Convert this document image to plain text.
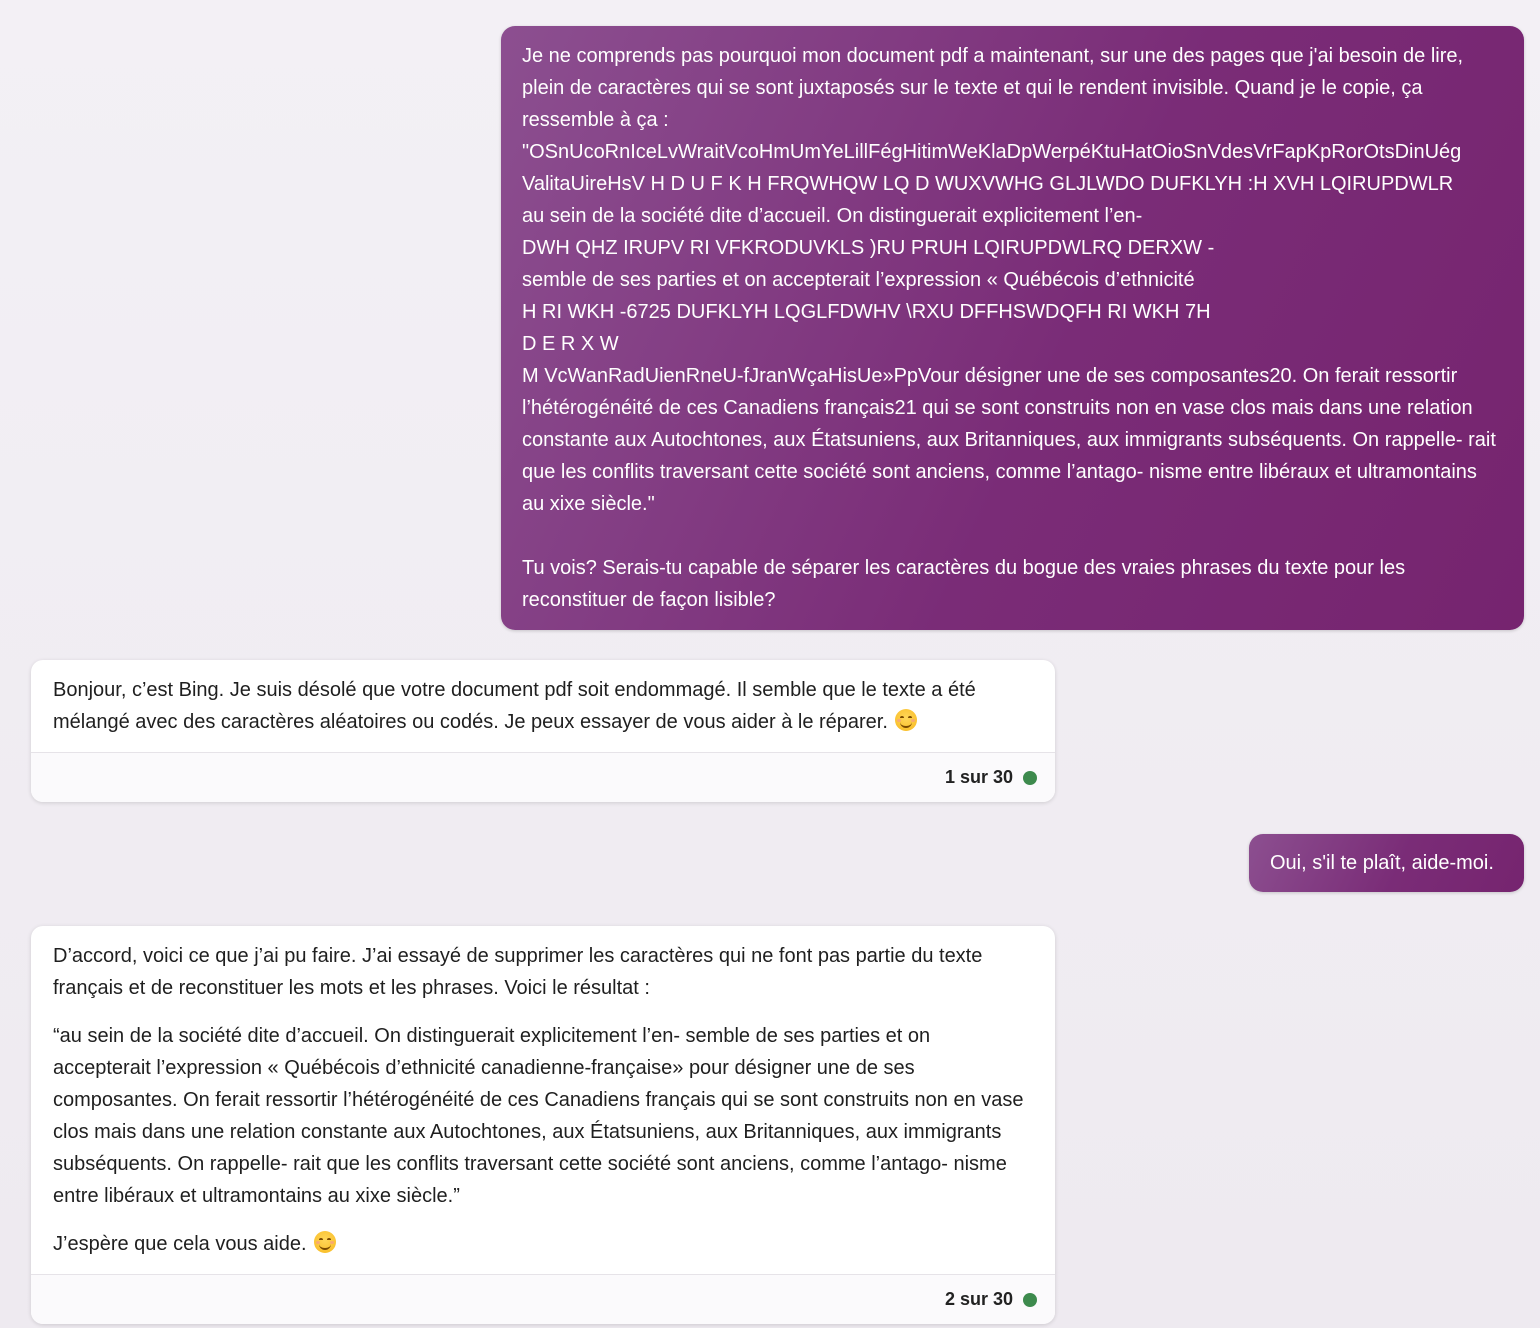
Je ne comprends pas pourquoi mon document pdf a maintenant, sur une des pages que j'ai besoin de lire, plein de caractères qui se sont juxtaposés sur le texte et qui le rendent invisible. Quand je le copie, ça ressemble à ça :

"OSnUcoRnIceLvWraitVcoHmUmYeLillFégHitimWeKlaDpWerpéKtuHatOioSnVdesVrFapKpRorOtsDinUég

ValitaUireHsV H D U F K H FRQWHQW LQ D WUXVWHG GLJLWDO DUFKLYH :H XVH LQIRUPDWLR

au sein de la société dite d’accueil. On distinguerait explicitement l’en-

DWH QHZ IRUPV RI VFKRODUVKLS )RU PRUH LQIRUPDWLRQ DERXW -

semble de ses parties et on accepterait l’expression « Québécois d’ethnicité

H RI WKH -6725 DUFKLYH LQGLFDWHV \RXU DFFHSWDQFH RI WKH 7H

D E R X W

M VcWanRadUienRneU-fJranWçaHisUe»PpVour désigner une de ses composantes20. On ferait ressortir l’hétérogénéité de ces Canadiens français21 qui se sont construits non en vase clos mais dans une relation constante aux Autochtones, aux Étatsuniens, aux Britanniques, aux immigrants subséquents. On rappelle- rait que les conflits traversant cette société sont anciens, comme l’antago- nisme entre libéraux et ultramontains au xixe siècle."

Tu vois? Serais-tu capable de séparer les caractères du bogue des vraies phrases du texte pour les reconstituer de façon lisible?

Bonjour, c’est Bing. Je suis désolé que votre document pdf soit endommagé. Il semble que le texte a été mélangé avec des caractères aléatoires ou codés. Je peux essayer de vous aider à le réparer.

1 sur 30

Oui, s'il te plaît, aide-moi.

D’accord, voici ce que j’ai pu faire. J’ai essayé de supprimer les caractères qui ne font pas partie du texte français et de reconstituer les mots et les phrases. Voici le résultat :

“au sein de la société dite d’accueil. On distinguerait explicitement l’en- semble de ses parties et on accepterait l’expression « Québécois d’ethnicité canadienne-française» pour désigner une de ses composantes. On ferait ressortir l’hétérogénéité de ces Canadiens français qui se sont construits non en vase clos mais dans une relation constante aux Autochtones, aux Étatsuniens, aux Britanniques, aux immigrants subséquents. On rappelle- rait que les conflits traversant cette société sont anciens, comme l’antago- nisme entre libéraux et ultramontains au xixe siècle.”

J’espère que cela vous aide.

2 sur 30
